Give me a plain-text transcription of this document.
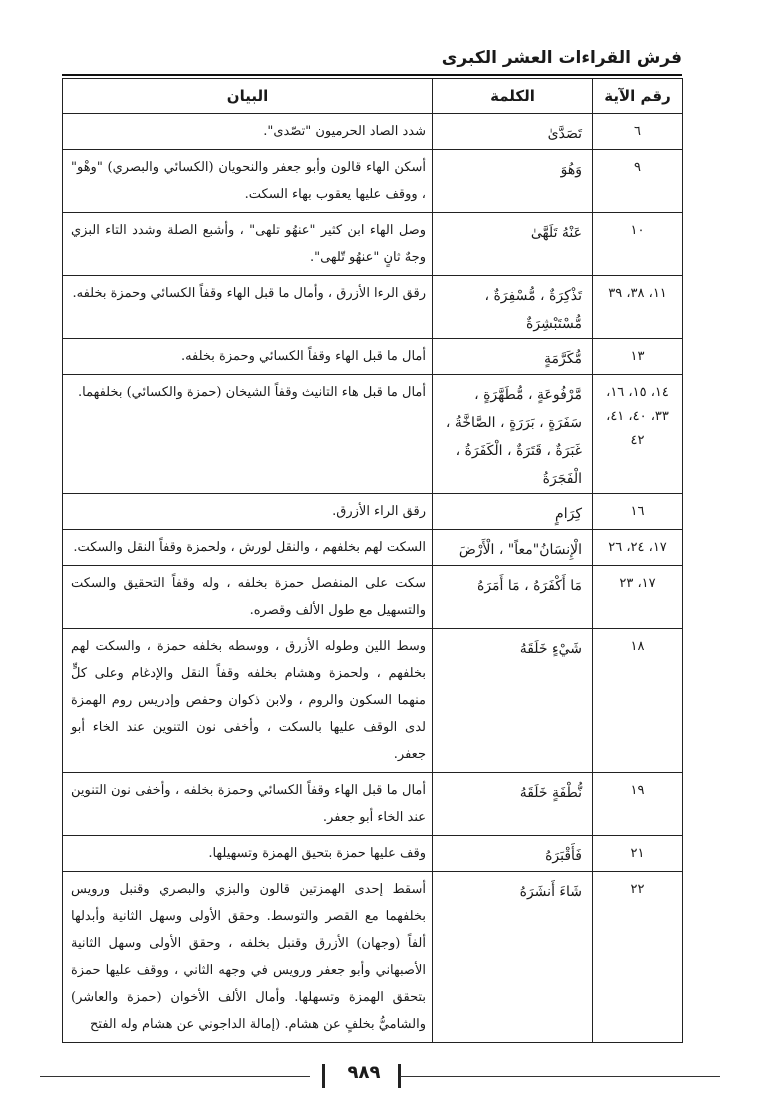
فرش القراءات العشر الكبرى
رقم الآية	الكلمة	البيان
٦	تَصَدَّىٰ	شدد الصاد الحرميون "تصّدى".
٩	وَهُوَ	أسكن الهاء قالون وأبو جعفر والنحويان (الكسائي والبصري) "وهْو" ، ووقف عليها يعقوب بهاء السكت.
١٠	عَنْهُ تَلَهَّىٰ	وصل الهاء ابن كثير "عنهُو تلهى" ، وأشبع الصلة وشدد التاء البزي وجهٌ ثانٍ "عنهُو تّلهى".
١١، ٣٨، ٣٩	تَذْكِرَةٌ ، مُّسْفِرَةٌ ، مُّسْتَبْشِرَةٌ	رقق الرءا الأزرق ، وأمال ما قبل الهاء وقفاً الكسائي وحمزة بخلفه.
١٣	مُّكَرَّمَةٍ	أمال ما قبل الهاء وقفاً الكسائي وحمزة بخلفه.
١٤، ١٥، ١٦، ٣٣، ٤٠، ٤١، ٤٢	مَّرْفُوعَةٍ ، مُّطَهَّرَةٍ ، سَفَرَةٍ ، بَرَرَةٍ ، الصَّاخَّةُ ، غَبَرَةٌ ، قَتَرَةٌ ، الْكَفَرَةُ ، الْفَجَرَةُ	أمال ما قبل هاء التانيث وقفاً الشيخان (حمزة والكسائي) بخلفهما.
١٦	كِرَامٍ	رقق الراء الأزرق.
١٧، ٢٤، ٢٦	الْإِنسَانُ"معاً" ، الْأَرْضَ	السكت لهم بخلفهم ، والنقل لورش ، ولحمزة وقفاً النقل والسكت.
١٧، ٢٣	مَا أَكْفَرَهُ ، مَا أَمَرَهُ	سكت على المنفصل حمزة بخلفه ، وله وقفاً التحقيق والسكت والتسهيل مع طول الألف وقصره.
١٨	شَيْءٍ خَلَقَهُ	وسط اللين وطوله الأزرق ، ووسطه بخلفه حمزة ، والسكت لهم بخلفهم ، ولحمزة وهشام بخلفه وقفاً النقل والإدغام وعلى كلٍّ منهما السكون والروم ، ولابن ذكوان وحفص وإدريس روم الهمزة لدى الوقف عليها بالسكت ، وأخفى نون التنوين عند الخاء أبو جعفر.
١٩	نُّطْفَةٍ خَلَقَهُ	أمال ما قبل الهاء وقفاً الكسائي وحمزة بخلفه ، وأخفى نون التنوين عند الخاء أبو جعفر.
٢١	فَأَقْبَرَهُ	وقف عليها حمزة بتحيق الهمزة وتسهيلها.
٢٢	شَاءَ أَنشَرَهُ	أسقط إحدى الهمزتين قالون والبزي والبصري وقنبل ورويس بخلفهما مع القصر والتوسط. وحقق الأولى وسهل الثانية وأبدلها ألفاً (وجهان) الأزرق وقنبل بخلفه ، وحقق الأولى وسهل الثانية الأصبهاني وأبو جعفر ورويس في وجهه الثاني ، ووقف عليها حمزة بتحقق الهمزة وتسهلها. وأمال الألف الأخوان (حمزة والعاشر) والشاميُّ بخلفٍ عن هشام. (إمالة الداجوني عن هشام وله الفتح
٩٨٩
